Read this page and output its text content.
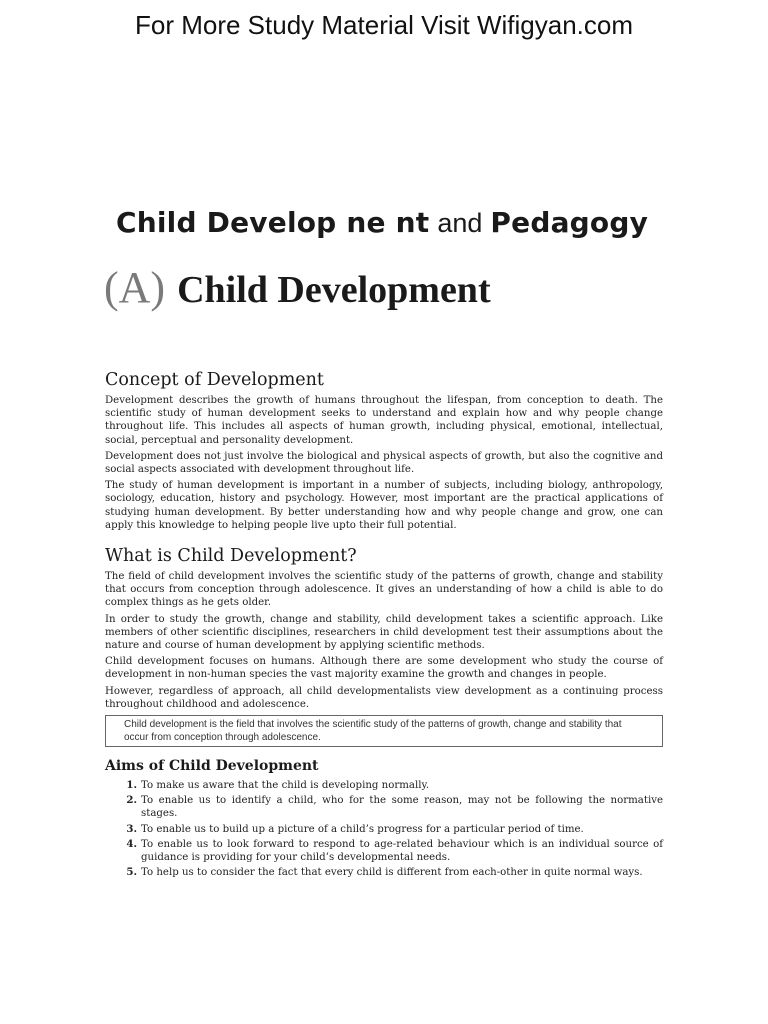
For More Study Material Visit Wifigyan.com
Child Develop ne nt and Pedagogy
(A) Child Development
Concept of Development

Development describes the growth of humans throughout the lifespan, from conception to death. The scientific study of human development seeks to understand and explain how and why people change throughout life. This includes all aspects of human growth, including physical, emotional, intellectual, social, perceptual and personality development.

Development does not just involve the biological and physical aspects of growth, but also the cognitive and social aspects associated with development throughout life.

The study of human development is important in a number of subjects, including biology, anthropology, sociology, education, history and psychology. However, most important are the practical applications of studying human development. By better understanding how and why people change and grow, one can apply this knowledge to helping people live upto their full potential.

What is Child Development?

The field of child development involves the scientific study of the patterns of growth, change and stability that occurs from conception through adolescence. It gives an understanding of how a child is able to do complex things as he gets older.

In order to study the growth, change and stability, child development takes a scientific approach. Like members of other scientific disciplines, researchers in child development test their assumptions about the nature and course of human development by applying scientific methods.

Child development focuses on humans. Although there are some development who study the course of development in non-human species the vast majority examine the growth and changes in people.

However, regardless of approach, all child developmentalists view development as a continuing process throughout childhood and adolescence.

Child development is the field that involves the scientific study of the patterns of growth, change and stability that occur from conception through adolescence.
Aims of Child Development
1. To make us aware that the child is developing normally.
2. To enable us to identify a child, who for the some reason, may not be following the normative stages.
3. To enable us to build up a picture of a child’s progress for a particular period of time.
4. To enable us to look forward to respond to age-related behaviour which is an individual source of guidance is providing for your child’s developmental needs.
5. To help us to consider the fact that every child is different from each-other in quite normal ways.
